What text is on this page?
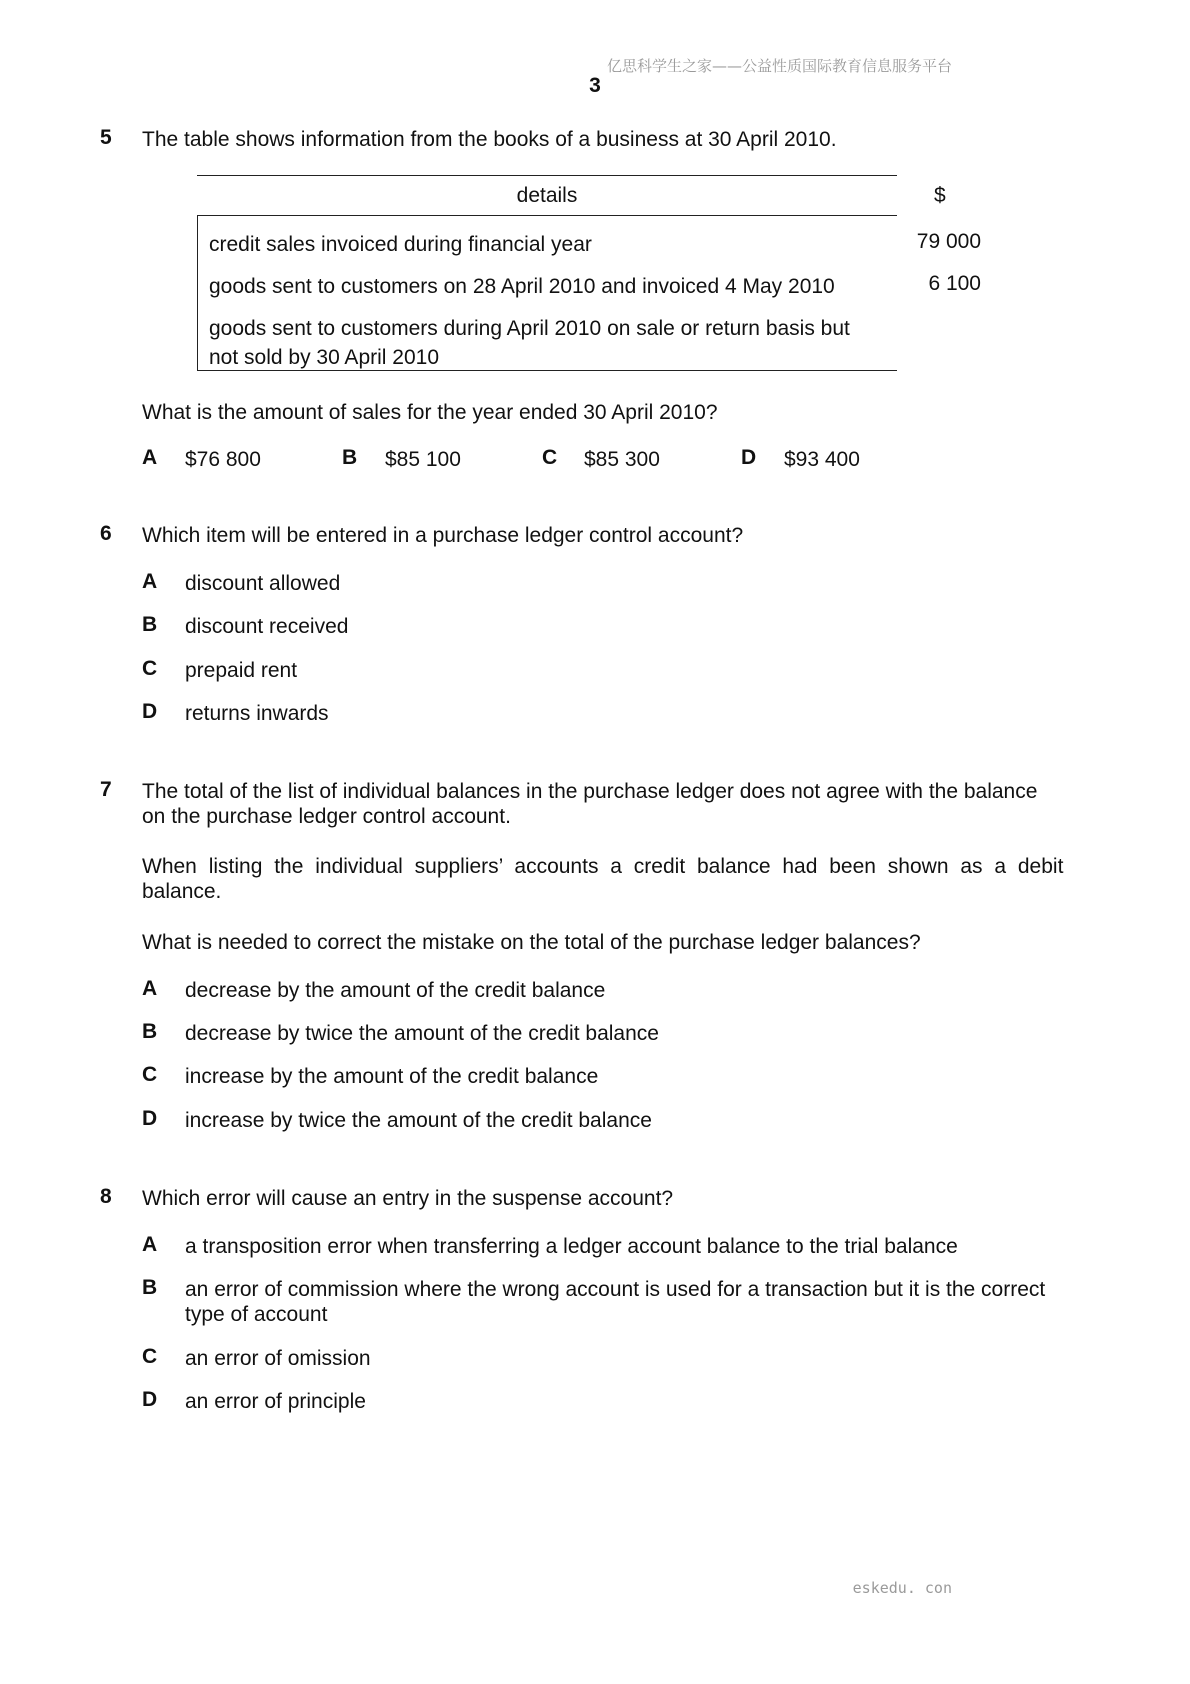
亿思科学生之家——公益性质国际教育信息服务平台
3
5 The table shows information from the books of a business at 30 April 2010.
details	$
credit sales invoiced during financial year	79 000
goods sent to customers on 28 April 2010 and invoiced 4 May 2010	6 100
goods sent to customers during April 2010 on sale or return basis but
not sold by 30 April 2010
What is the amount of sales for the year ended 30 April 2010?
A $76 800	B $85 100	C $85 300	D $93 400
6 Which item will be entered in a purchase ledger control account?
A discount allowed
B discount received
C prepaid rent
D returns inwards
7 The total of the list of individual balances in the purchase ledger does not agree with the balance
on the purchase ledger control account.
When listing the individual suppliers’ accounts a credit balance had been shown as a debit
balance.
What is needed to correct the mistake on the total of the purchase ledger balances?
A decrease by the amount of the credit balance
B decrease by twice the amount of the credit balance
C increase by the amount of the credit balance
D increase by twice the amount of the credit balance
8 Which error will cause an entry in the suspense account?
A a transposition error when transferring a ledger account balance to the trial balance
B an error of commission where the wrong account is used for a transaction but it is the correct
type of account
C an error of omission
D an error of principle
eskedu. con
